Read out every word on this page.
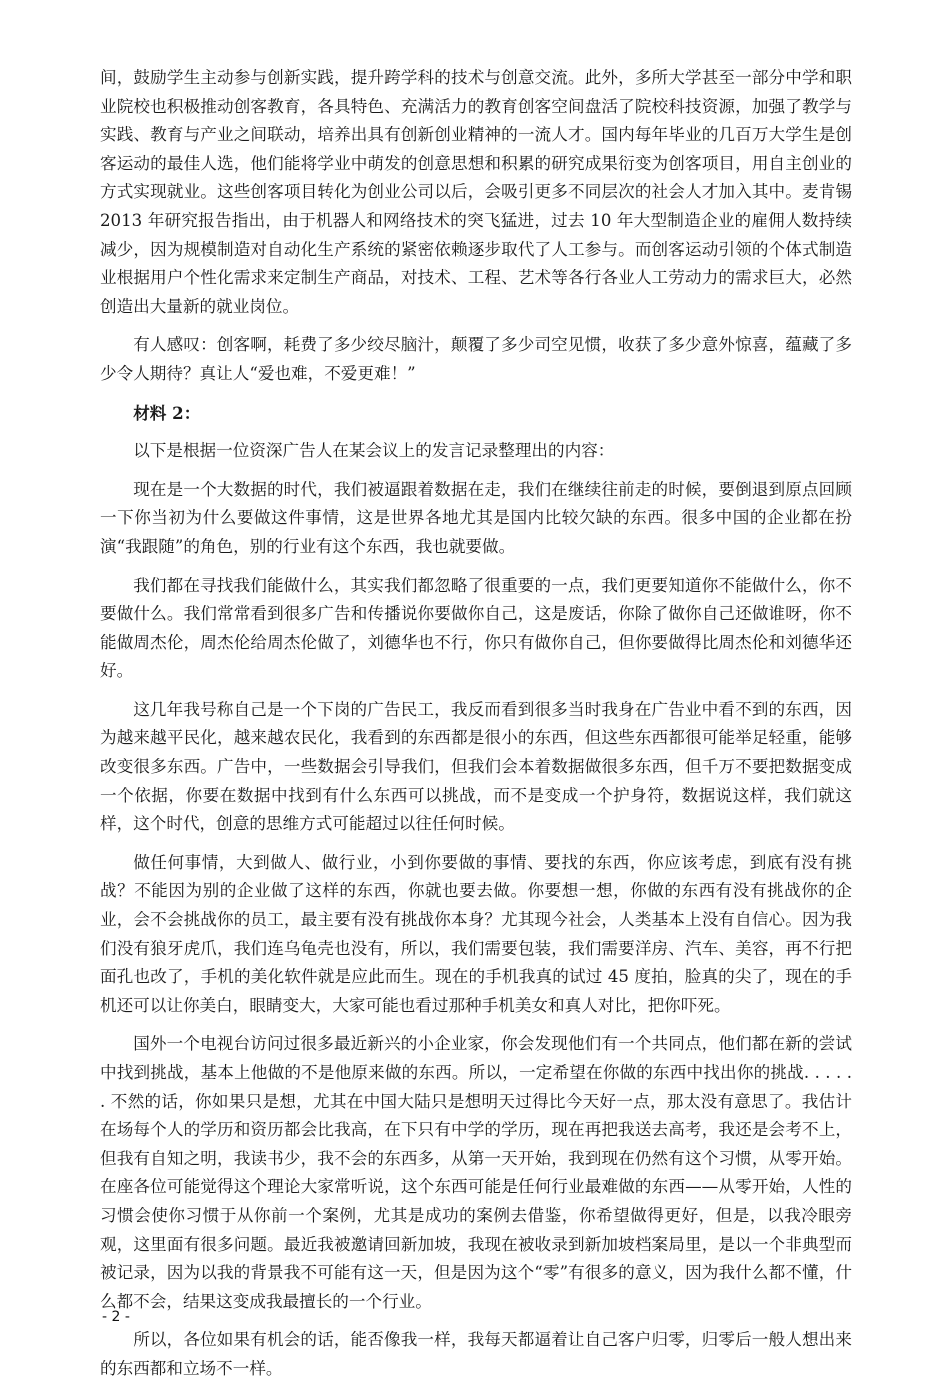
间，鼓励学生主动参与创新实践，提升跨学科的技术与创意交流。此外，多所大学甚至一部分中学和职业院校也积极推动创客教育，各具特色、充满活力的教育创客空间盘活了院校科技资源，加强了教学与实践、教育与产业之间联动，培养出具有创新创业精神的一流人才。国内每年毕业的几百万大学生是创客运动的最佳人选，他们能将学业中萌发的创意思想和积累的研究成果衍变为创客项目，用自主创业的方式实现就业。这些创客项目转化为创业公司以后，会吸引更多不同层次的社会人才加入其中。麦肯锡 2013 年研究报告指出，由于机器人和网络技术的突飞猛进，过去 10 年大型制造企业的雇佣人数持续减少，因为规模制造对自动化生产系统的紧密依赖逐步取代了人工参与。而创客运动引领的个体式制造业根据用户个性化需求来定制生产商品，对技术、工程、艺术等各行各业人工劳动力的需求巨大，必然创造出大量新的就业岗位。

有人感叹：创客啊，耗费了多少绞尽脑汁，颠覆了多少司空见惯，收获了多少意外惊喜，蕴藏了多少令人期待？真让人“爱也难，不爱更难！”

材料 2：

以下是根据一位资深广告人在某会议上的发言记录整理出的内容：

现在是一个大数据的时代，我们被逼跟着数据在走，我们在继续往前走的时候，要倒退到原点回顾一下你当初为什么要做这件事情，这是世界各地尤其是国内比较欠缺的东西。很多中国的企业都在扮演“我跟随”的角色，别的行业有这个东西，我也就要做。

我们都在寻找我们能做什么，其实我们都忽略了很重要的一点，我们更要知道你不能做什么，你不要做什么。我们常常看到很多广告和传播说你要做你自己，这是废话，你除了做你自己还做谁呀，你不能做周杰伦，周杰伦给周杰伦做了，刘德华也不行，你只有做你自己，但你要做得比周杰伦和刘德华还好。

这几年我号称自己是一个下岗的广告民工，我反而看到很多当时我身在广告业中看不到的东西，因为越来越平民化，越来越农民化，我看到的东西都是很小的东西，但这些东西都很可能举足轻重，能够改变很多东西。广告中，一些数据会引导我们，但我们会本着数据做很多东西，但千万不要把数据变成一个依据，你要在数据中找到有什么东西可以挑战，而不是变成一个护身符，数据说这样，我们就这样，这个时代，创意的思维方式可能超过以往任何时候。

做任何事情，大到做人、做行业，小到你要做的事情、要找的东西，你应该考虑，到底有没有挑战？不能因为别的企业做了这样的东西，你就也要去做。你要想一想，你做的东西有没有挑战你的企业，会不会挑战你的员工，最主要有没有挑战你本身？尤其现今社会，人类基本上没有自信心。因为我们没有狼牙虎爪，我们连乌龟壳也没有，所以，我们需要包装，我们需要洋房、汽车、美容，再不行把面孔也改了，手机的美化软件就是应此而生。现在的手机我真的试过 45 度拍，脸真的尖了，现在的手机还可以让你美白，眼睛变大，大家可能也看过那种手机美女和真人对比，把你吓死。

国外一个电视台访问过很多最近新兴的小企业家，你会发现他们有一个共同点，他们都在新的尝试中找到挑战，基本上他做的不是他原来做的东西。所以，一定希望在你做的东西中找出你的挑战. . . . . . 不然的话，你如果只是想，尤其在中国大陆只是想明天过得比今天好一点，那太没有意思了。我估计在场每个人的学历和资历都会比我高，在下只有中学的学历，现在再把我送去高考，我还是会考不上，但我有自知之明，我读书少，我不会的东西多，从第一天开始，我到现在仍然有这个习惯，从零开始。在座各位可能觉得这个理论大家常听说，这个东西可能是任何行业最难做的东西——从零开始，人性的习惯会使你习惯于从你前一个案例，尤其是成功的案例去借鉴，你希望做得更好，但是，以我冷眼旁观，这里面有很多问题。最近我被邀请回新加坡，我现在被收录到新加坡档案局里，是以一个非典型而被记录，因为以我的背景我不可能有这一天，但是因为这个“零”有很多的意义，因为我什么都不懂，什么都不会，结果这变成我最擅长的一个行业。

所以，各位如果有机会的话，能否像我一样，我每天都逼着让自己客户归零，归零后一般人想出来的东西都和立场不一样。

- 2 -
